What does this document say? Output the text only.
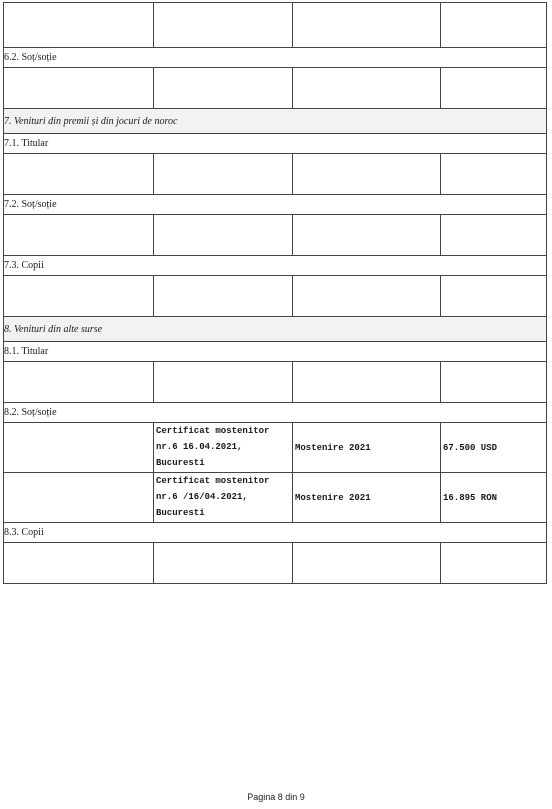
6.2. Soț/soție			

7. Venituri din premii și din jocuri de noroc			
7.1. Titular			

7.2. Soț/soție			

7.3. Copii			

8. Venituri din alte surse			
8.1. Titular			

8.2. Soț/soție			
	Certificat mostenitor nr.6 16.04.2021, Bucuresti	Mostenire 2021	67.500 USD
	Certificat mostenitor nr.6 /16/04.2021, Bucuresti	Mostenire 2021	16.895 RON
8.3. Copii			

Pagina 8 din 9
